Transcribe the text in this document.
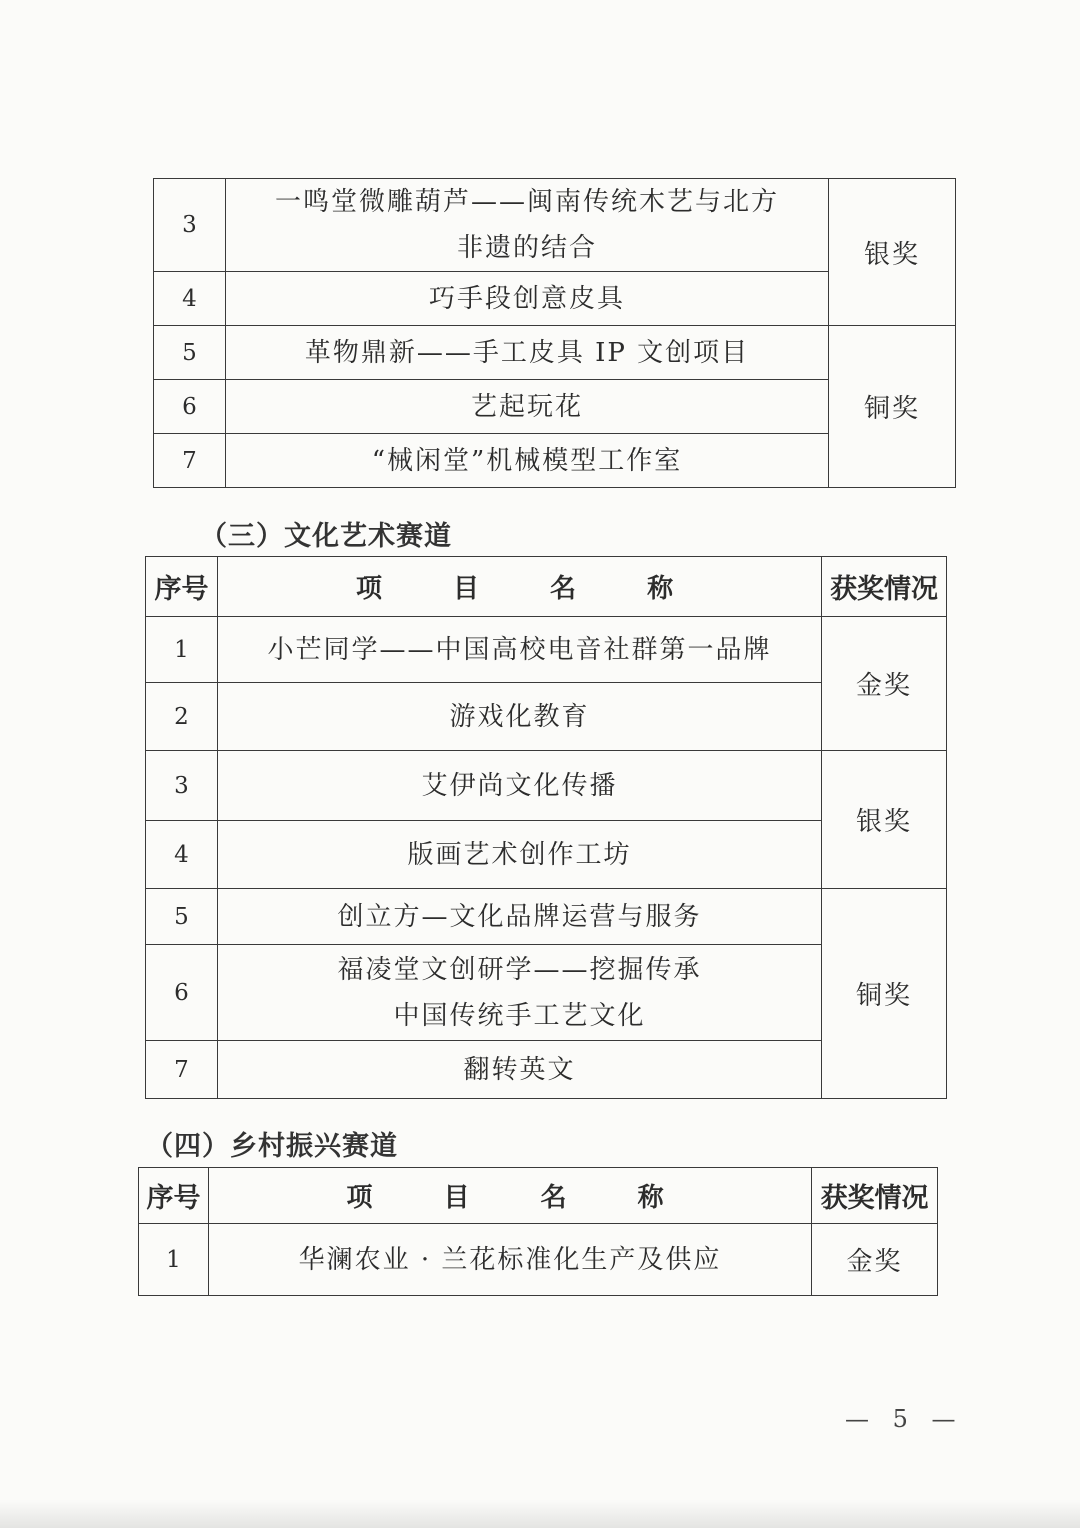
3	一鸣堂微雕葫芦——闽南传统木艺与北方
非遗的结合	银奖
4	巧手段创意皮具	
5	革物鼎新——手工皮具 IP 文创项目	铜奖
6	艺起玩花	
7	“械闲堂”机械模型工作室	
（三）文化艺术赛道
序号	项 目 名 称	获奖情况
1	小芒同学——中国高校电音社群第一品牌	金奖
2	游戏化教育	
3	艾伊尚文化传播	银奖
4	版画艺术创作工坊	
5	创立方—文化品牌运营与服务	铜奖
6	福凌堂文创研学——挖掘传承
中国传统手工艺文化	

7	翻转英文	
（四）乡村振兴赛道
序号	项 目 名 称	获奖情况
1	华澜农业 · 兰花标准化生产及供应	金奖
— 5 —
